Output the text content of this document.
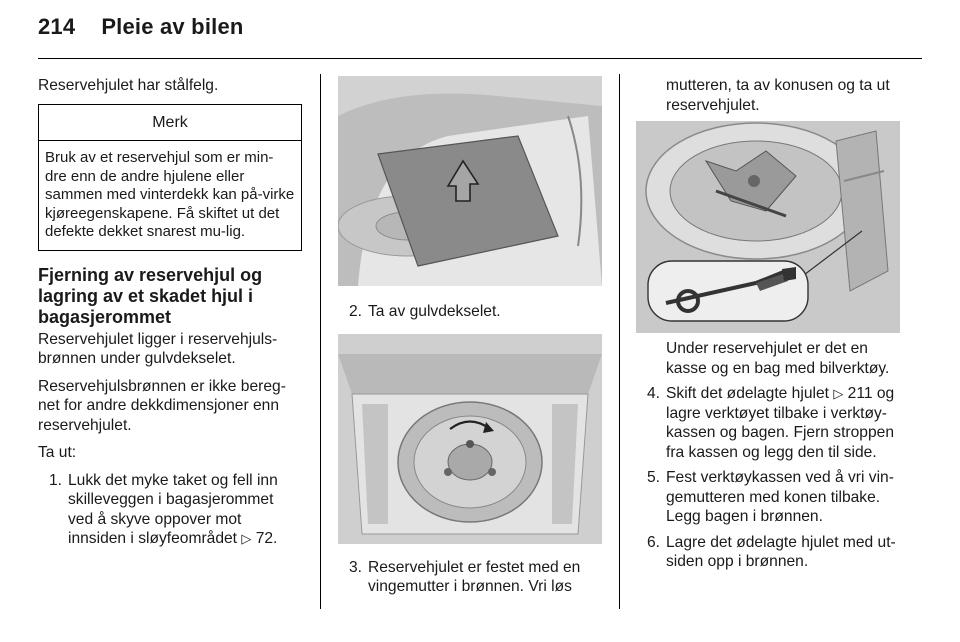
214 Pleie av bilen

Reservehjulet har stålfelg.

Merk
Bruk av et reservehjul som er min-dre enn de andre hjulene eller sammen med vinterdekk kan på-virke kjøreegenskapene. Få skiftet ut det defekte dekket snarest mu-lig.
Fjerning av reservehjul og lagring av et skadet hjul i bagasjerommet

Reservehjulet ligger i reservehjuls-brønnen under gulvdekselet.

Reservehjulsbrønnen er ikke bereg-net for andre dekkdimensjoner enn reservehjulet.

Ta ut:

1. Lukk det myke taket og fell inn skilleveggen i bagasjerommet ved å skyve oppover mot innsiden i sløyfeområdet ▷ 72.
2. Ta av gulvdekselet.
3. Reservehjulet er festet med en vingemutter i brønnen. Vri løs
mutteren, ta av konusen og ta ut reservehjulet.
Under reservehjulet er det en kasse og en bag med bilverktøy.
4. Skift det ødelagte hjulet ▷ 211 og lagre verktøyet tilbake i verktøy-kassen og bagen. Fjern stroppen fra kassen og legg den til side.
5. Fest verktøykassen ved å vri vin-gemutteren med konen tilbake. Legg bagen i brønnen.
6. Lagre det ødelagte hjulet med ut-siden opp i brønnen.
